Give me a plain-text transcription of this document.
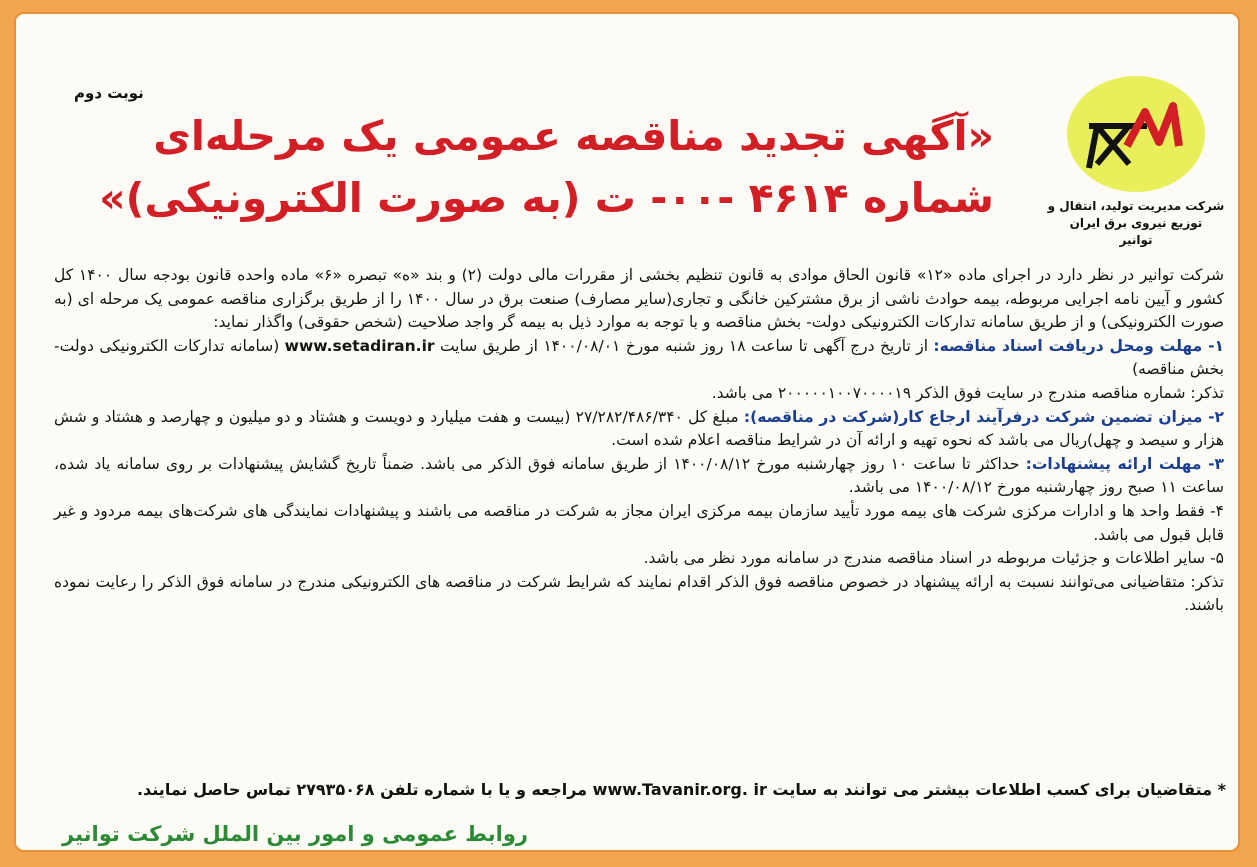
شرکت مدیریت تولید، انتقال و
توزیع نیروی برق ایران
توانیر
نوبت دوم
«آگهی تجدید مناقصه عمومی یک مرحله‌ای
شماره ۴۶۱۴ -۰۰- ت (به صورت الکترونیکی)»

شرکت توانیر در نظر دارد در اجرای ماده «۱۲» قانون الحاق موادی به قانون تنظیم بخشی از مقررات مالی دولت (۲) و بند «ه» تبصره «۶» ماده واحده قانون بودجه سال ۱۴۰۰ کل کشور و آیین نامه اجرایی مربوطه، بیمه حوادث ناشی از برق مشترکین خانگی و تجاری(سایر مصارف) صنعت برق در سال ۱۴۰۰ را از طریق برگزاری مناقصه عمومی یک مرحله ای (به صورت الکترونیکی) و از طریق سامانه تدارکات الکترونیکی دولت- بخش مناقصه و با توجه به موارد ذیل به بیمه گر واجد صلاحیت (شخص حقوقی) واگذار نماید:

۱- مهلت ومحل دریافت اسناد مناقصه: از تاریخ درج آگهی تا ساعت ۱۸ روز شنبه مورخ ۱۴۰۰/۰۸/۰۱ از طریق سایت www.setadiran.ir (سامانه تدارکات الکترونیکی دولت- بخش مناقصه)

تذکر: شماره مناقصه مندرج در سایت فوق الذکر ۲۰۰۰۰۰۱۰۰۷۰۰۰۰۱۹ می باشد.

۲- میزان تضمین شرکت درفرآیند ارجاع کار(شرکت در مناقصه): مبلغ کل ۲۷/۲۸۲/۴۸۶/۳۴۰ (بیست و هفت میلیارد و دویست و هشتاد و دو میلیون و چهارصد و هشتاد و شش هزار و سیصد و چهل)ریال می باشد که نحوه تهیه و ارائه آن در شرایط مناقصه اعلام شده است.

۳- مهلت ارائه پیشنهادات: حداکثر تا ساعت ۱۰ روز چهارشنبه مورخ ۱۴۰۰/۰۸/۱۲ از طریق سامانه فوق الذکر می باشد. ضمناً تاریخ گشایش پیشنهادات بر روی سامانه یاد شده، ساعت ۱۱ صبح روز چهارشنبه مورخ ۱۴۰۰/۰۸/۱۲ می باشد.

۴- فقط واحد ها و ادارات مرکزی شرکت های بیمه مورد تأیید سازمان بیمه مرکزی ایران مجاز به شرکت در مناقصه می باشند و پیشنهادات نمایندگی های شرکت‌های بیمه مردود و غیر قابل قبول می باشد.

۵- سایر اطلاعات و جزئیات مربوطه در اسناد مناقصه مندرج در سامانه مورد نظر می باشد.

تذکر: متقاضیانی می‌توانند نسبت به ارائه پیشنهاد در خصوص مناقصه فوق الذکر اقدام نمایند که شرایط شرکت در مناقصه های الکترونیکی مندرج در سامانه فوق الذکر را رعایت نموده باشند.

* متقاضیان برای کسب اطلاعات بیشتر می توانند به سایت www.Tavanir.org. ir مراجعه و یا با شماره تلفن ۲۷۹۳۵۰۶۸ تماس حاصل نمایند.
روابط عمومی و امور بین الملل شرکت توانیر
